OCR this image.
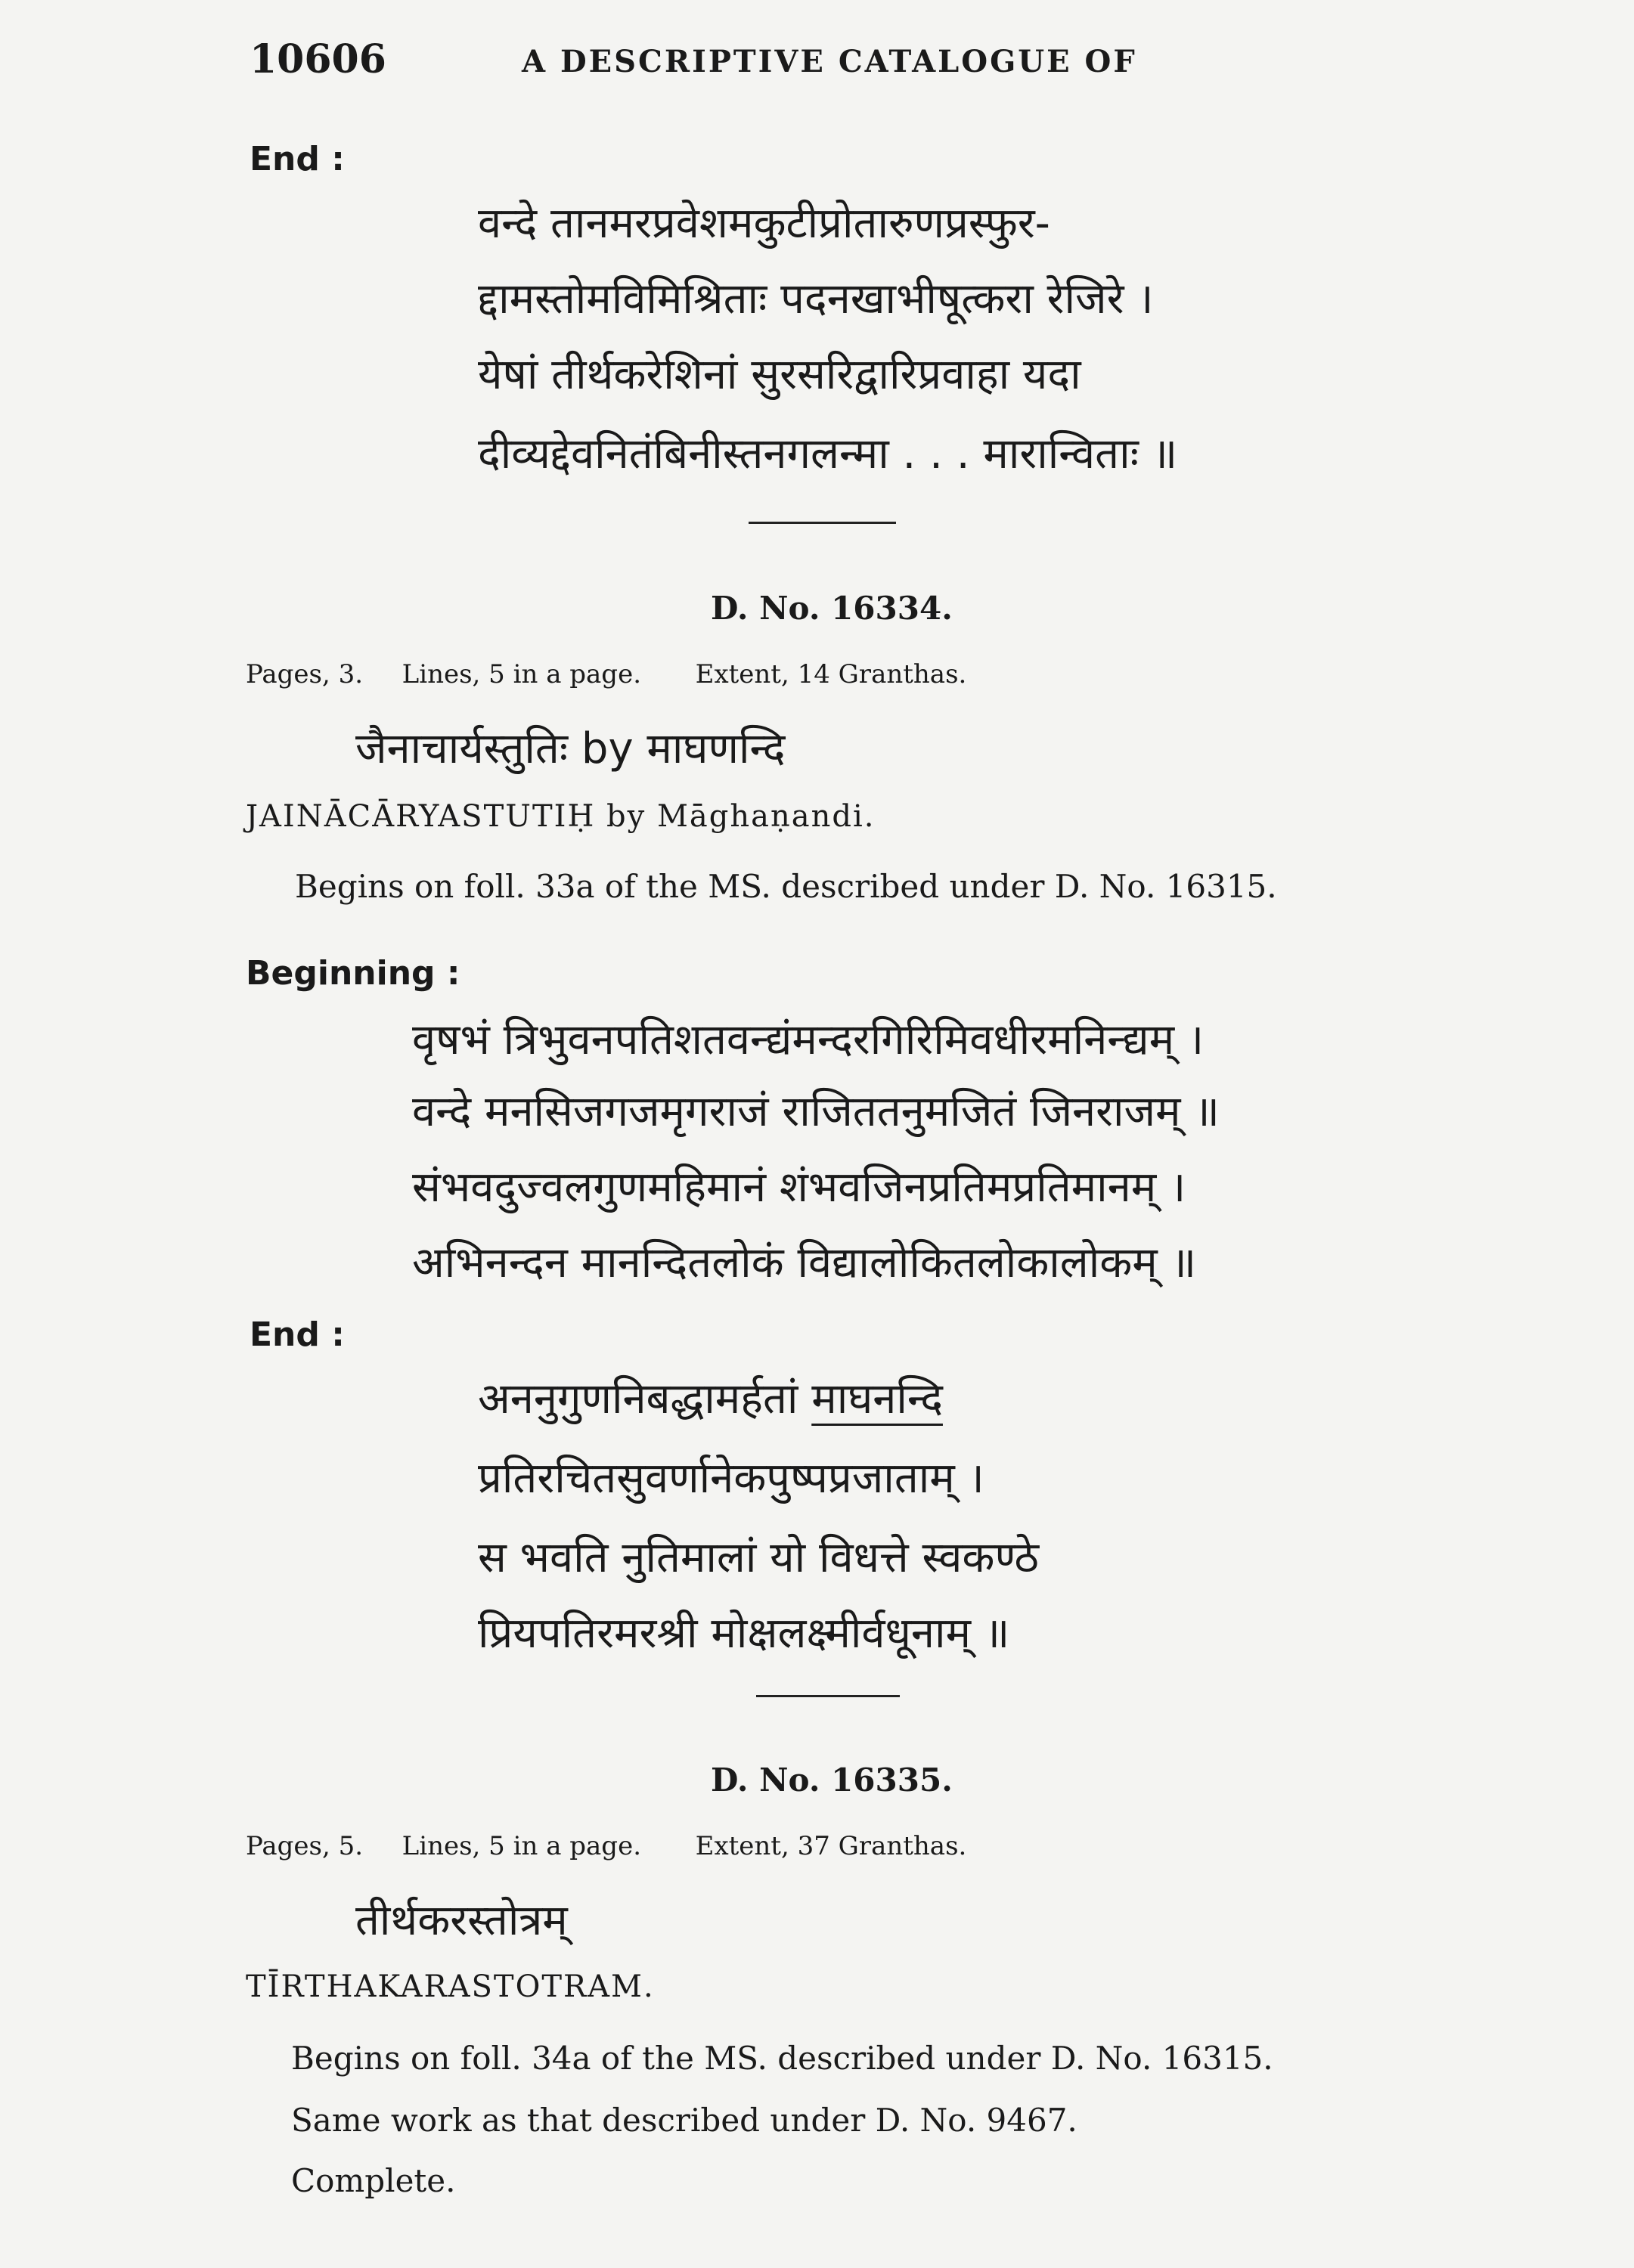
10606	A DESCRIPTIVE CATALOGUE OF
End :
वन्दे तानमरप्रवेशमकुटीप्रोतारुणप्रस्फुर-
द्दामस्तोमविमिश्रिताः पदनखाभीषूत्करा रेजिरे ।
येषां तीर्थकरेशिनां सुरसरिद्वारिप्रवाहा यदा
दीव्यद्देवनितंबिनीस्तनगलन्मा . . . मारान्विताः ॥
D. No. 16334.
Pages, 3. Lines, 5 in a page. Extent, 14 Granthas.
जैनाचार्यस्तुतिः by माघणन्दि
JAINĀCĀRYASTUTIḤ by Māghaṇandi.
Begins on foll. 33a of the MS. described under D. No. 16315.
Beginning :
वृषभं त्रिभुवनपतिशतवन्द्यंमन्दरगिरिमिवधीरमनिन्द्यम् ।
वन्दे मनसिजगजमृगराजं राजिततनुमजितं जिनराजम् ॥
संभवदुज्वलगुणमहिमानं शंभवजिनप्रतिमप्रतिमानम् ।
अभिनन्दन मानन्दितलोकं विद्यालोकितलोकालोकम् ॥
End :
अननुगुणनिबद्धामर्हतां माघनन्दि
प्रतिरचितसुवर्णानेकपुष्पप्रजाताम् ।
स भवति नुतिमालां यो विधत्ते स्वकण्ठे
प्रियपतिरमरश्री मोक्षलक्ष्मीर्वधूनाम् ॥
D. No. 16335.
Pages, 5. Lines, 5 in a page. Extent, 37 Granthas.
तीर्थकरस्तोत्रम्
TĪRTHAKARASTOTRAM.
Begins on foll. 34a of the MS. described under D. No. 16315.
Same work as that described under D. No. 9467.
Complete.
